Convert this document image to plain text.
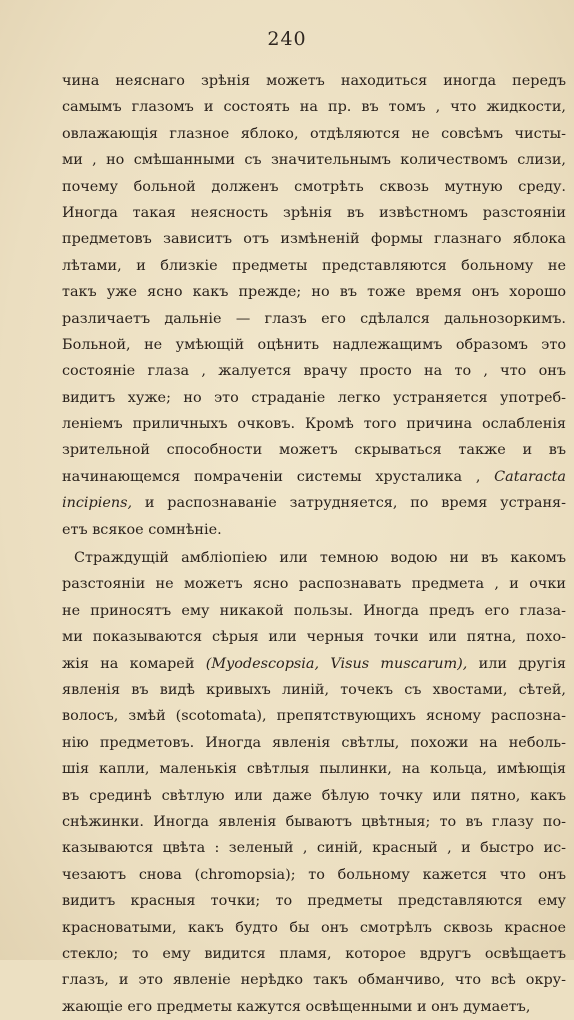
240
чина неяснаго зрѣнія можетъ находиться иногда передъ
самымъ глазомъ и состоять на пр. въ томъ , что жидкости,
овлажающія глазное яблоко, отдѣляются не совсѣмъ чисты-
ми , но смѣшанными съ значительнымъ количествомъ слизи,
почему больной долженъ смотрѣть сквозь мутную среду.
Иногда такая неясность зрѣнія въ извѣстномъ разстояніи
предметовъ зависитъ отъ измѣненій формы глазнаго яблока
лѣтами, и близкіе предметы представляются больному не
такъ уже ясно какъ прежде; но въ тоже время онъ хорошо
различаетъ дальніе — глазъ его сдѣлался дальнозоркимъ.
Больной, не умѣющій оцѣнить надлежащимъ образомъ это
состояніе глаза , жалуется врачу просто на то , что онъ
видитъ хуже; но это страданіе легко устраняется употреб-
леніемъ приличныхъ очковъ. Кромѣ того причина ослабленія
зрительной способности можетъ скрываться также и въ
начинающемся помраченіи системы хрусталика , Cataracta
incipiens, и распознаваніе затрудняется, по время устраня-
етъ всякое сомнѣніе.
Страждущій амбліопіею или темною водою ни въ какомъ
разстояніи не можетъ ясно распознавать предмета , и очки
не приносятъ ему никакой пользы. Иногда предъ его глаза-
ми показываются сѣрыя или черныя точки или пятна, похо-
жія на комарей (Myodescopsia, Visus muscarum), или другія
явленія въ видѣ кривыхъ линій, точекъ съ хвостами, сѣтей,
волосъ, змѣй (scotomata), препятствующихъ ясному распозна-
нію предметовъ. Иногда явленія свѣтлы, похожи на неболь-
шія капли, маленькія свѣтлыя пылинки, на кольца, имѣющія
въ срединѣ свѣтлую или даже бѣлую точку или пятно, какъ
снѣжинки. Иногда явленія бываютъ цвѣтныя; то въ глазу по-
казываются цвѣта : зеленый , синій, красный , и быстро ис-
чезаютъ снова (chromopsia); то больному кажется что онъ
видитъ красныя точки; то предметы представляются ему
красноватыми, какъ будто бы онъ смотрѣлъ сквозь красное
стекло; то ему видится пламя, которое вдругъ освѣщаетъ
глазъ, и это явленіе нерѣдко такъ обманчиво, что всѣ окру-
жающіе его предметы кажутся освѣщенными и онъ думаетъ,
